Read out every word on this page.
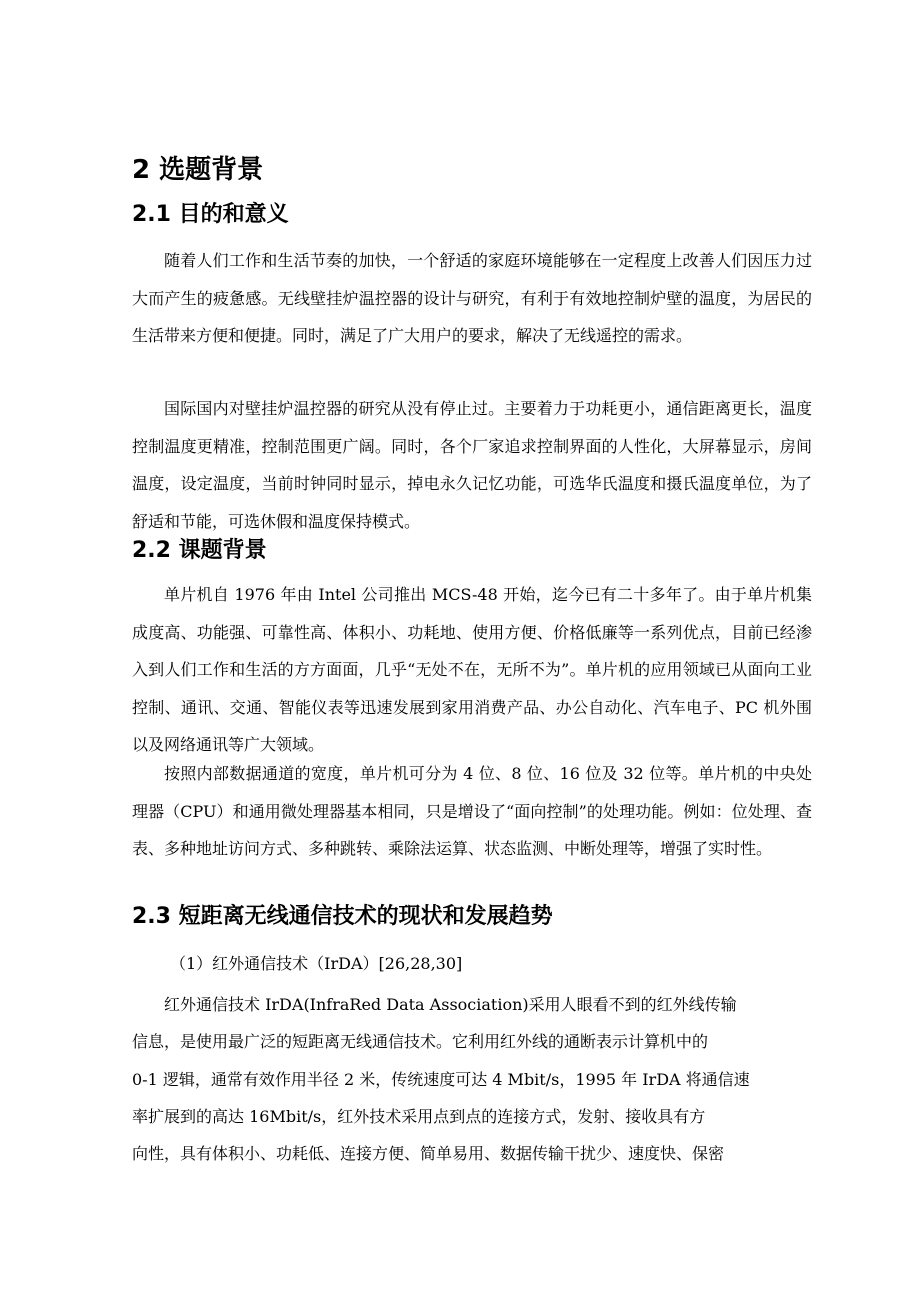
2 选题背景
2.1 目的和意义
随着人们工作和生活节奏的加快，一个舒适的家庭环境能够在一定程度上改善人们因压力过大而产生的疲惫感。无线壁挂炉温控器的设计与研究，有利于有效地控制炉壁的温度，为居民的生活带来方便和便捷。同时，满足了广大用户的要求，解决了无线遥控的需求。
国际国内对壁挂炉温控器的研究从没有停止过。主要着力于功耗更小，通信距离更长，温度控制温度更精准，控制范围更广阔。同时，各个厂家追求控制界面的人性化，大屏幕显示，房间温度，设定温度，当前时钟同时显示，掉电永久记忆功能，可选华氏温度和摄氏温度单位，为了舒适和节能，可选休假和温度保持模式。
2.2 课题背景
单片机自 1976 年由 Intel 公司推出 MCS-48 开始，迄今已有二十多年了。由于单片机集成度高、功能强、可靠性高、体积小、功耗地、使用方便、价格低廉等一系列优点，目前已经渗入到人们工作和生活的方方面面，几乎“无处不在，无所不为”。单片机的应用领域已从面向工业控制、通讯、交通、智能仪表等迅速发展到家用消费产品、办公自动化、汽车电子、PC 机外围以及网络通讯等广大领域。
按照内部数据通道的宽度，单片机可分为 4 位、8 位、16 位及 32 位等。单片机的中央处理器（CPU）和通用微处理器基本相同，只是增设了“面向控制”的处理功能。例如：位处理、查表、多种地址访问方式、多种跳转、乘除法运算、状态监测、中断处理等，增强了实时性。
2.3 短距离无线通信技术的现状和发展趋势
（1）红外通信技术（IrDA）[26,28,30]
红外通信技术 IrDA(InfraRed Data Association)采用人眼看不到的红外线传输
信息，是使用最广泛的短距离无线通信技术。它利用红外线的通断表示计算机中的
0-1 逻辑，通常有效作用半径 2 米，传统速度可达 4 Mbit/s，1995 年 IrDA 将通信速
率扩展到的高达 16Mbit/s，红外技术采用点到点的连接方式，发射、接收具有方
向性，具有体积小、功耗低、连接方便、简单易用、数据传输干扰少、速度快、保密
